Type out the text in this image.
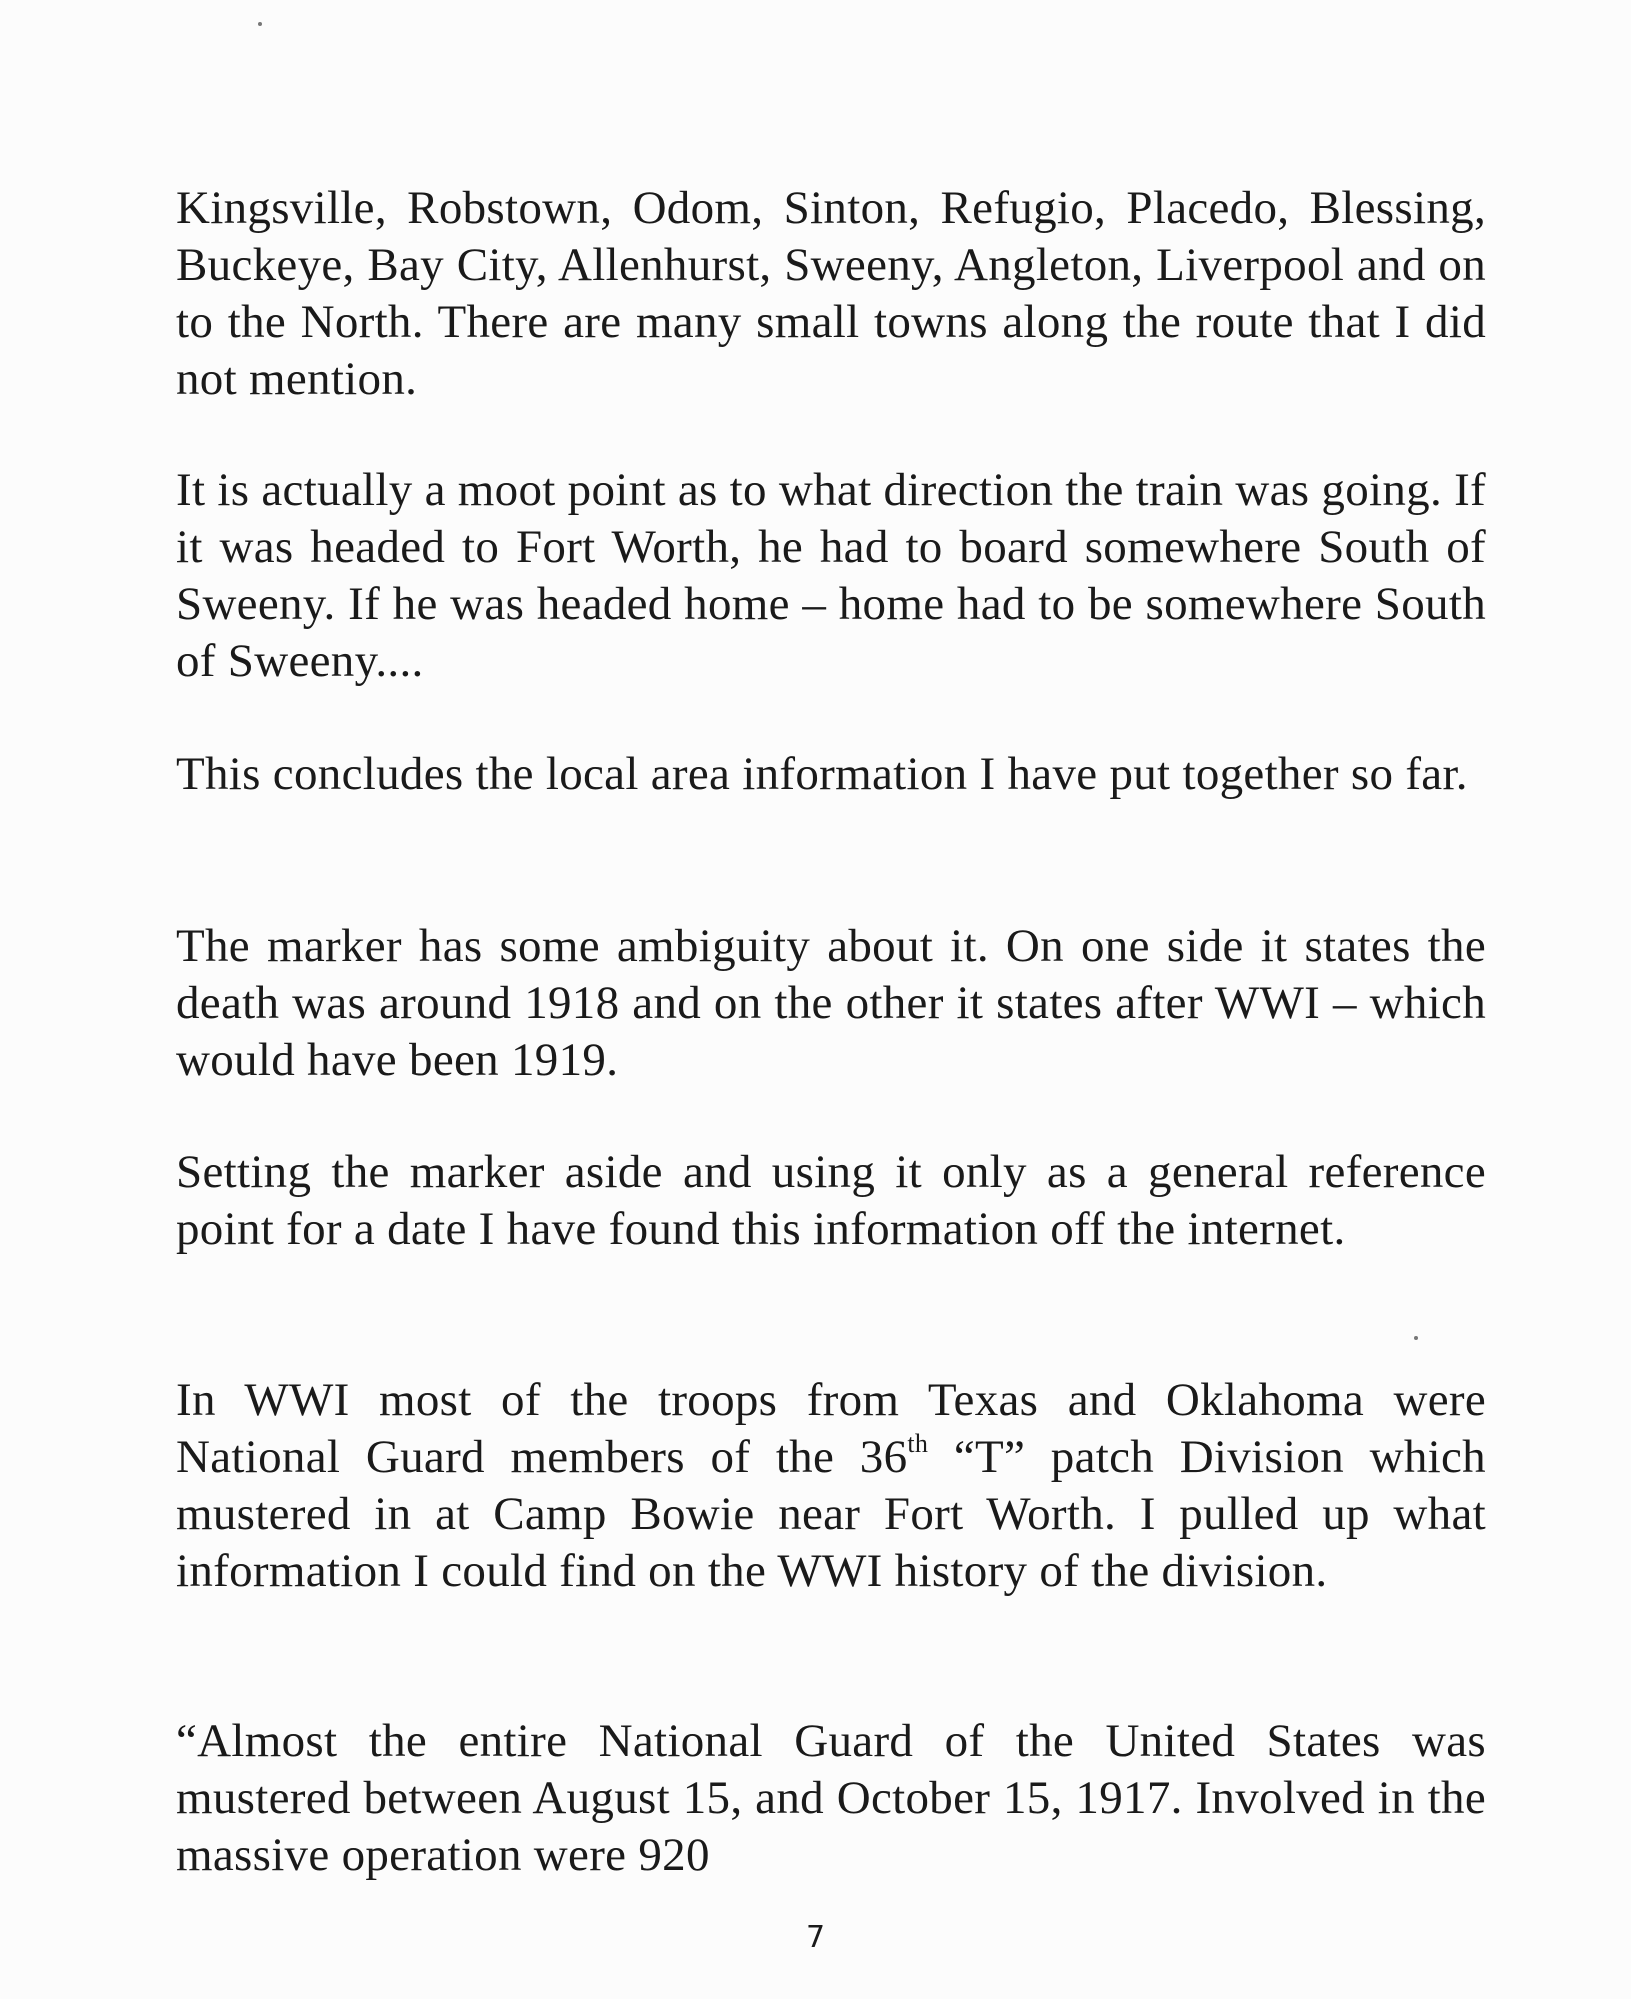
Kingsville, Robstown, Odom, Sinton, Refugio, Placedo, Blessing, Buckeye, Bay City, Allenhurst, Sweeny, Angleton, Liverpool and on to the North. There are many small towns along the route that I did not mention.

It is actually a moot point as to what direction the train was going. If it was headed to Fort Worth, he had to board somewhere South of Sweeny. If he was headed home – home had to be somewhere South of Sweeny....

This concludes the local area information I have put together so far.

The marker has some ambiguity about it. On one side it states the death was around 1918 and on the other it states after WWI – which would have been 1919.

Setting the marker aside and using it only as a general reference point for a date I have found this information off the internet.

In WWI most of the troops from Texas and Oklahoma were National Guard members of the 36th “T” patch Division which mustered in at Camp Bowie near Fort Worth. I pulled up what information I could find on the WWI history of the division.

“Almost the entire National Guard of the United States was mustered between August 15, and October 15, 1917. Involved in the massive operation were 920

7
